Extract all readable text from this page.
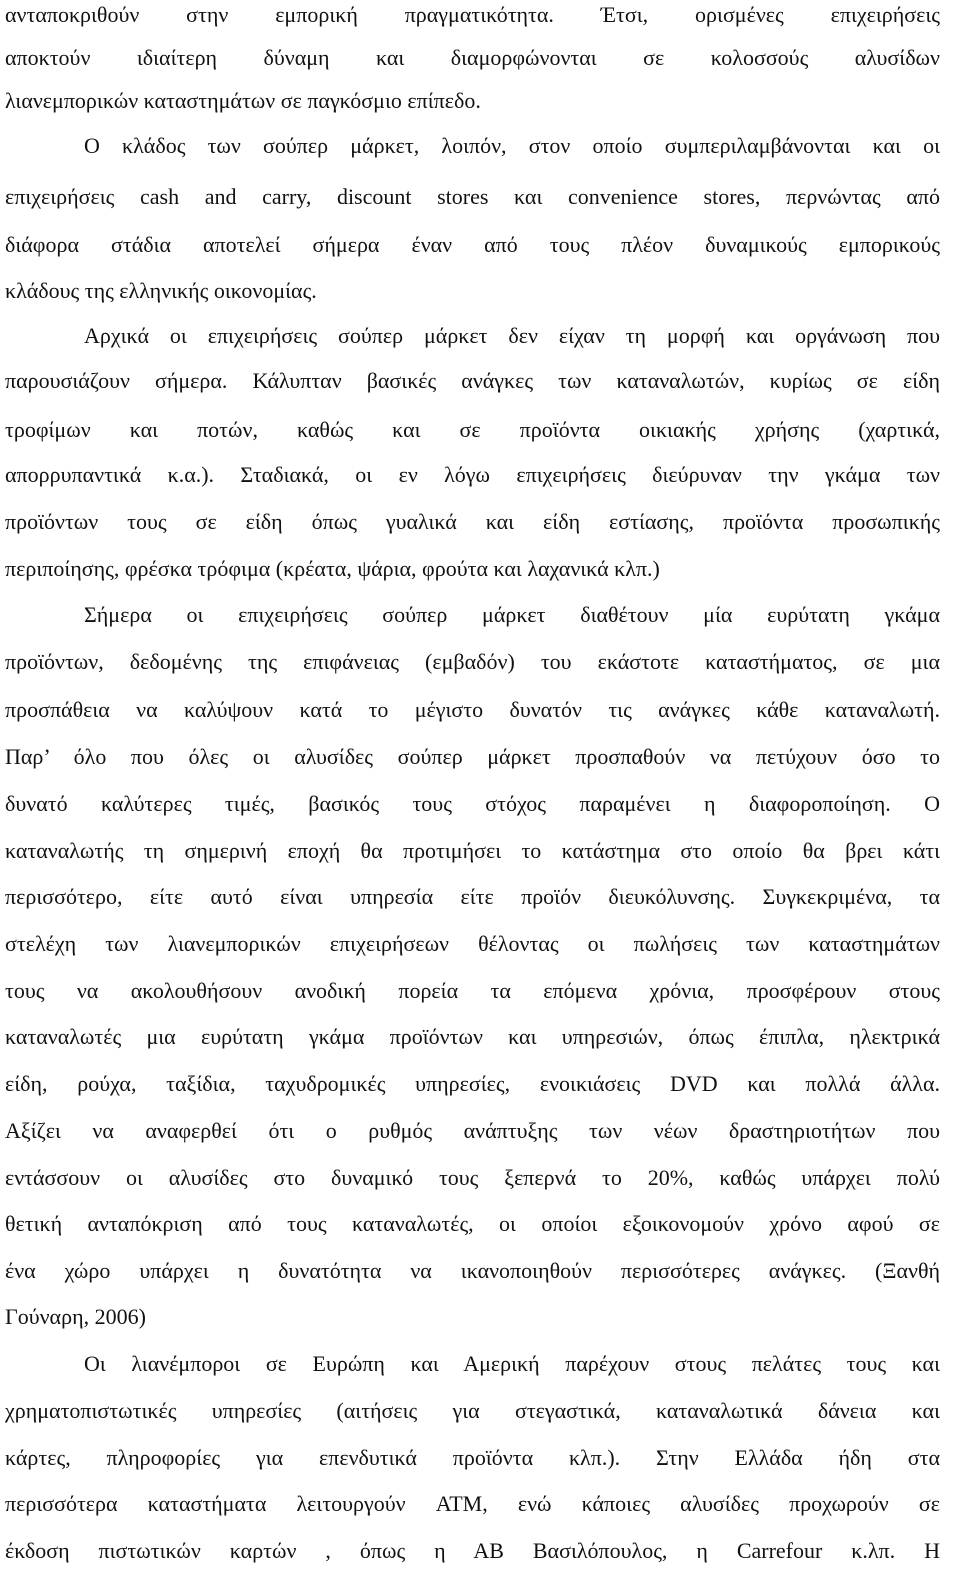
ανταποκριθούν στην εμπορική πραγματικότητα. Έτσι, ορισμένες επιχειρήσεις
αποκτούν ιδιαίτερη δύναμη και διαμορφώνονται σε κολοσσούς αλυσίδων
λιανεμπορικών καταστημάτων σε παγκόσμιο επίπεδο.
Ο κλάδος των σούπερ μάρκετ, λοιπόν, στον οποίο συμπεριλαμβάνονται και οι
επιχειρήσεις cash and carry, discount stores και convenience stores, περνώντας από
διάφορα στάδια αποτελεί σήμερα έναν από τους πλέον δυναμικούς εμπορικούς
κλάδους της ελληνικής οικονομίας.
Αρχικά οι επιχειρήσεις σούπερ μάρκετ δεν είχαν τη μορφή και οργάνωση που
παρουσιάζουν σήμερα. Κάλυπταν βασικές ανάγκες των καταναλωτών, κυρίως σε είδη
τροφίμων και ποτών, καθώς και σε προϊόντα οικιακής χρήσης (χαρτικά,
απορρυπαντικά κ.α.). Σταδιακά, οι εν λόγω επιχειρήσεις διεύρυναν την γκάμα των
προϊόντων τους σε είδη όπως γυαλικά και είδη εστίασης, προϊόντα προσωπικής
περιποίησης, φρέσκα τρόφιμα (κρέατα, ψάρια, φρούτα και λαχανικά κλπ.)
Σήμερα οι επιχειρήσεις σούπερ μάρκετ διαθέτουν μία ευρύτατη γκάμα
προϊόντων, δεδομένης της επιφάνειας (εμβαδόν) του εκάστοτε καταστήματος, σε μια
προσπάθεια να καλύψουν κατά το μέγιστο δυνατόν τις ανάγκες κάθε καταναλωτή.
Παρ’ όλο που όλες οι αλυσίδες σούπερ μάρκετ προσπαθούν να πετύχουν όσο το
δυνατό καλύτερες τιμές, βασικός τους στόχος παραμένει η διαφοροποίηση. Ο
καταναλωτής τη σημερινή εποχή θα προτιμήσει το κατάστημα στο οποίο θα βρει κάτι
περισσότερο, είτε αυτό είναι υπηρεσία είτε προϊόν διευκόλυνσης. Συγκεκριμένα, τα
στελέχη των λιανεμπορικών επιχειρήσεων θέλοντας οι πωλήσεις των καταστημάτων
τους να ακολουθήσουν ανοδική πορεία τα επόμενα χρόνια, προσφέρουν στους
καταναλωτές μια ευρύτατη γκάμα προϊόντων και υπηρεσιών, όπως έπιπλα, ηλεκτρικά
είδη, ρούχα, ταξίδια, ταχυδρομικές υπηρεσίες, ενοικιάσεις DVD και πολλά άλλα.
Αξίζει να αναφερθεί ότι ο ρυθμός ανάπτυξης των νέων δραστηριοτήτων που
εντάσσουν οι αλυσίδες στο δυναμικό τους ξεπερνά το 20%, καθώς υπάρχει πολύ
θετική ανταπόκριση από τους καταναλωτές, οι οποίοι εξοικονομούν χρόνο αφού σε
ένα χώρο υπάρχει η δυνατότητα να ικανοποιηθούν περισσότερες ανάγκες. (Ξανθή
Γούναρη, 2006)
Οι λιανέμποροι σε Ευρώπη και Αμερική παρέχουν στους πελάτες τους και
χρηματοπιστωτικές υπηρεσίες (αιτήσεις για στεγαστικά, καταναλωτικά δάνεια και
κάρτες, πληροφορίες για επενδυτικά προϊόντα κλπ.). Στην Ελλάδα ήδη στα
περισσότερα καταστήματα λειτουργούν ATM, ενώ κάποιες αλυσίδες προχωρούν σε
έκδοση πιστωτικών καρτών , όπως η ΑΒ Βασιλόπουλος, η Carrefour κ.λπ. Η
